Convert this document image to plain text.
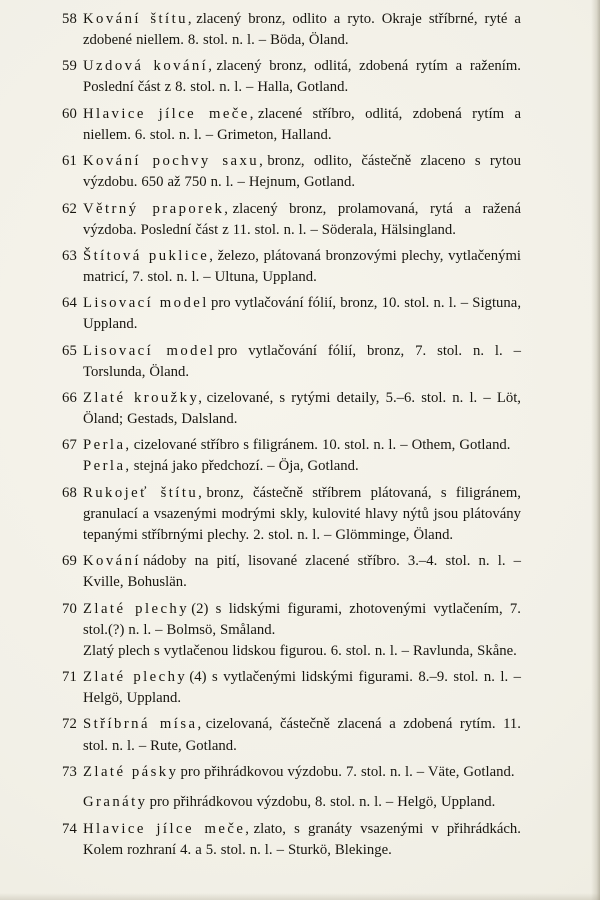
58 Kování štítu, zlacený bronz, odlito a ryto. Okraje stříbrné, ryté a zdobené niellem. 8. stol. n. l. – Böda, Öland.

59 Uzdová kování, zlacený bronz, odlitá, zdobená rytím a ražením. Poslední část z 8. stol. n. l. – Halla, Gotland.

60 Hlavice jílce meče, zlacené stříbro, odlitá, zdobená rytím a niellem. 6. stol. n. l. – Grimeton, Halland.

61 Kování pochvy saxu, bronz, odlito, částečně zlaceno s rytou výzdobu. 650 až 750 n. l. – Hejnum, Gotland.

62 Větrný praporek, zlacený bronz, prolamovaná, rytá a ražená výzdoba. Poslední část z 11. stol. n. l. – Söderala, Hälsingland.

63 Štítová puklice, železo, plátovaná bronzovými plechy, vytlačenými matricí, 7. stol. n. l. – Ultuna, Uppland.

64 Lisovací model pro vytlačování fólií, bronz, 10. stol. n. l. – Sigtuna, Uppland.

65 Lisovací model pro vytlačování fólií, bronz, 7. stol. n. l. – Torslunda, Öland.

66 Zlaté kroužky, cizelované, s rytými detaily, 5.–6. stol. n. l. – Löt, Öland; Gestads, Dalsland.

67 Perla, cizelované stříbro s filigránem. 10. stol. n. l. – Othem, Gotland.

Perla, stejná jako předchozí. – Öja, Gotland.

68 Rukojeť štítu, bronz, částečně stříbrem plátovaná, s filigránem, granulací a vsazenými modrými skly, kulovité hlavy nýtů jsou plátovány tepanými stříbrnými plechy. 2. stol. n. l. – Glömminge, Öland.

69 Kování nádoby na pití, lisované zlacené stříbro. 3.–4. stol. n. l. – Kville, Bohuslän.

70 Zlaté plechy (2) s lidskými figurami, zhotovenými vytlačením, 7. stol.(?) n. l. – Bolmsö, Småland.

Zlatý plech s vytlačenou lidskou figurou. 6. stol. n. l. – Ravlunda, Skåne.

71 Zlaté plechy (4) s vytlačenými lidskými figurami. 8.–9. stol. n. l. – Helgö, Uppland.

72 Stříbrná mísa, cizelovaná, částečně zlacená a zdobená rytím. 11. stol. n. l. – Rute, Gotland.

73 Zlaté pásky pro přihrádkovou výzdobu. 7. stol. n. l. – Väte, Gotland.

Granáty pro přihrádkovou výzdobu, 8. stol. n. l. – Helgö, Uppland.

74 Hlavice jílce meče, zlato, s granáty vsazenými v přihrádkách. Kolem rozhraní 4. a 5. stol. n. l. – Sturkö, Blekinge.
